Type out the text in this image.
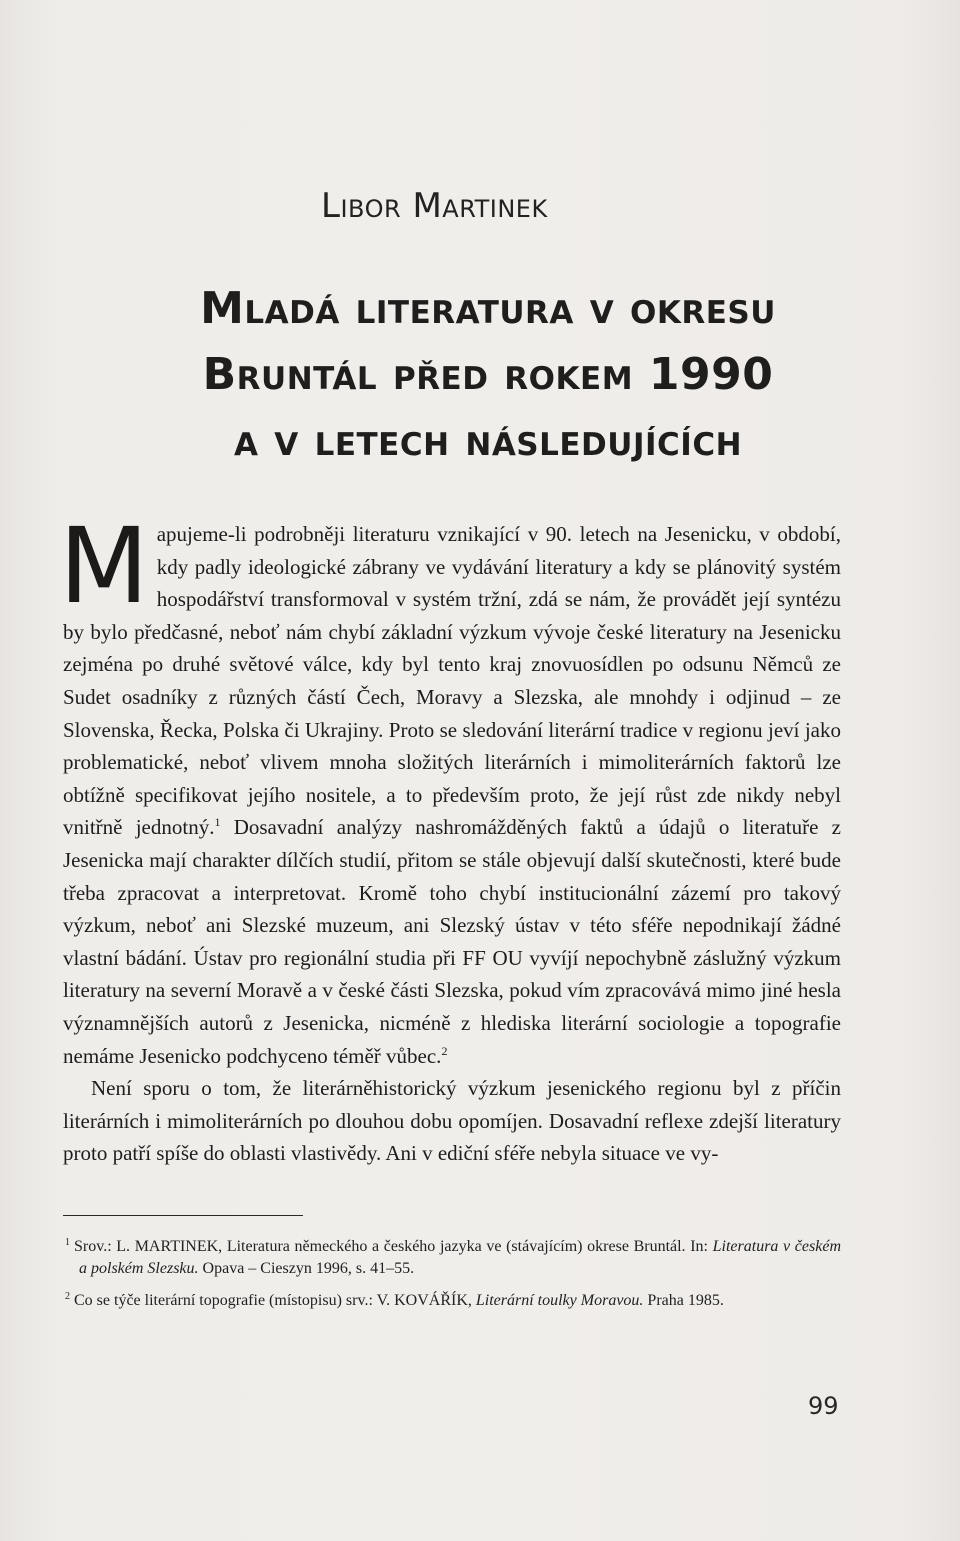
Libor Martinek
Mladá literatura v okresu
Bruntál před rokem 1990
a v letech následujících

Mapujeme-li podrobněji literaturu vznikající v 90. letech na Jesenicku, v období, kdy padly ideologické zábrany ve vydávání literatury a kdy se plánovitý systém hospodářství transformoval v systém tržní, zdá se nám, že provádět její syntézu by bylo předčasné, neboť nám chybí základní výzkum vývoje české literatury na Jesenicku zejména po druhé světové válce, kdy byl tento kraj znovuosídlen po odsunu Němců ze Sudet osadníky z různých částí Čech, Moravy a Slezska, ale mnohdy i odjinud – ze Slovenska, Řecka, Polska či Ukrajiny. Proto se sledování literární tradice v regionu jeví jako problematické, neboť vlivem mnoha složitých literárních i mimoliterárních faktorů lze obtížně specifikovat jejího nositele, a to především proto, že její růst zde nikdy nebyl vnitřně jednotný.$^1$ Dosavadní analýzy nashromážděných faktů a údajů o literatuře z Jesenicka mají charakter dílčích studií, přitom se stále objevují další skutečnosti, které bude třeba zpracovat a interpretovat. Kromě toho chybí institucionální zázemí pro takový výzkum, neboť ani Slezské muzeum, ani Slezský ústav v této sféře nepodnikají žádné vlastní bádání. Ústav pro regionální studia při FF OU vyvíjí nepochybně záslužný výzkum literatury na severní Moravě a v české části Slezska, pokud vím zpracovává mimo jiné hesla významnějších autorů z Jesenicka, nicméně z hlediska literární sociologie a topografie nemáme Jesenicko podchyceno téměř vůbec.$^2$

Není sporu o tom, že literárněhistorický výzkum jesenického regionu byl z příčin literárních i mimoliterárních po dlouhou dobu opomíjen. Dosavadní reflexe zdejší literatury proto patří spíše do oblasti vlastivědy. Ani v ediční sféře nebyla situace ve vy-

$^1$ Srov.: L. MARTINEK, Literatura německého a českého jazyka ve (stávajícím) okrese Bruntál. In: Literatura v českém a polském Slezsku. Opava – Cieszyn 1996, s. 41–55.

$^2$ Co se týče literární topografie (místopisu) srv.: V. KOVÁŘÍK, Literární toulky Moravou. Praha 1985.

99
